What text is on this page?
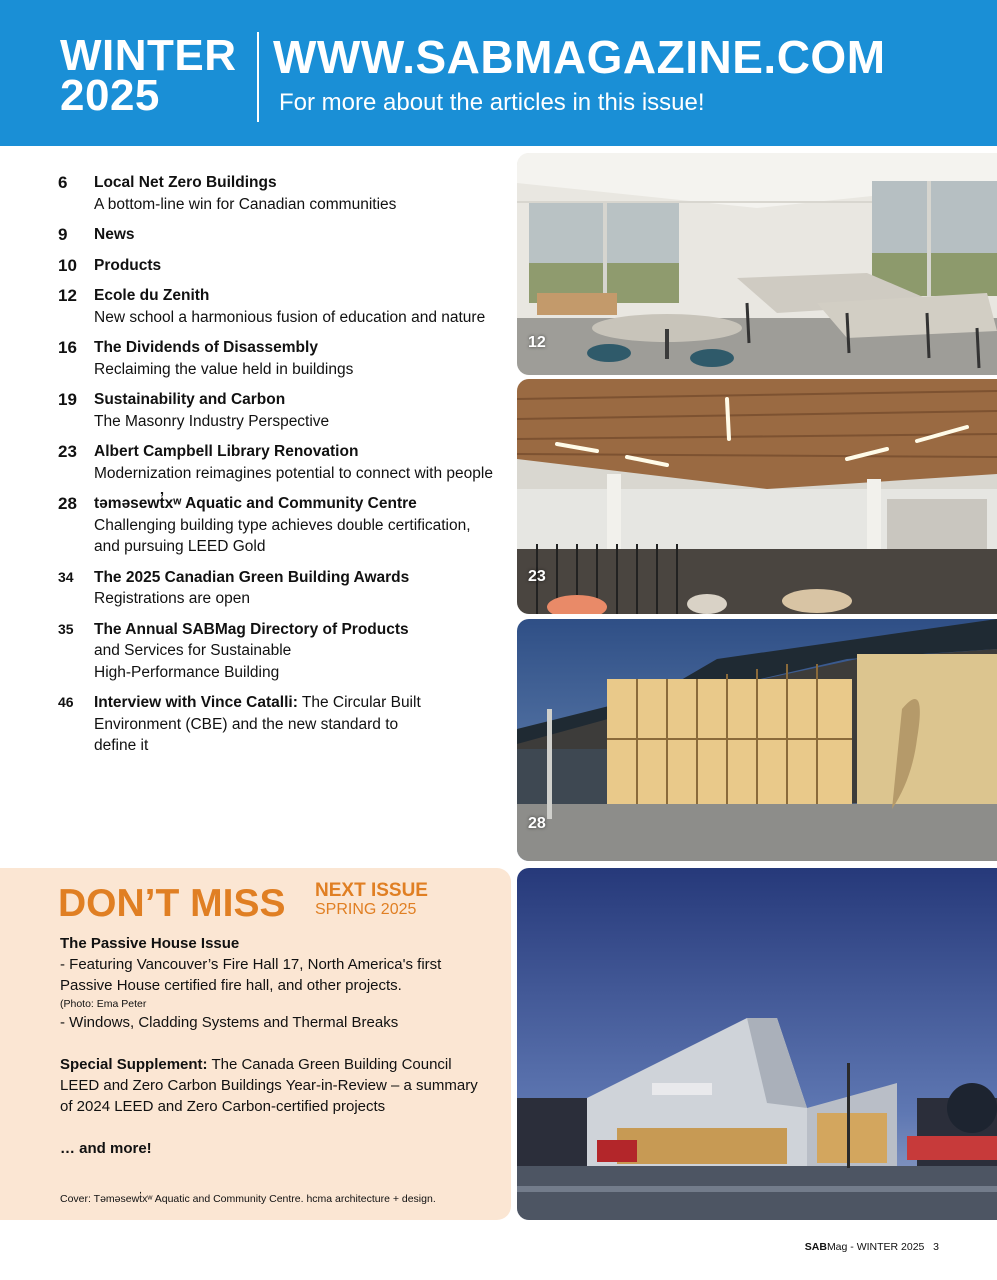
WINTER
2025
WWW.SABMAGAZINE.COM
For more about the articles in this issue!
6 Local Net Zero Buildings
A bottom-line win for Canadian communities
9 News
10 Products
12 Ecole du Zenith
New school a harmonious fusion of education and nature
16 The Dividends of Disassembly
Reclaiming the value held in buildings
19 Sustainability and Carbon
The Masonry Industry Perspective
23 Albert Campbell Library Renovation
Modernization reimagines potential to connect with people
28 təməsewt̓xʷ Aquatic and Community Centre
Challenging building type achieves double certification, and pursuing LEED Gold
34 The 2025 Canadian Green Building Awards
Registrations are open
35 The Annual SABMag Directory of Products
and Services for Sustainable High-Performance Building
46 Interview with Vince Catalli: The Circular Built Environment (CBE) and the new standard to define it
12
23
28
DON’T MISS NEXT ISSUE
SPRING 2025

The Passive House Issue

- Featuring Vancouver’s Fire Hall 17, North America's first Passive House certified fire hall, and other projects.

(Photo: Ema Peter

- Windows, Cladding Systems and Thermal Breaks

Special Supplement: The Canada Green Building Council LEED and Zero Carbon Buildings Year-in-Review – a summary of 2024 LEED and Zero Carbon-certified projects

… and more!

Cover: Təməsewt̓xʷ Aquatic and Community Centre. hcma architecture + design.
SABMag - WINTER 2025 3
